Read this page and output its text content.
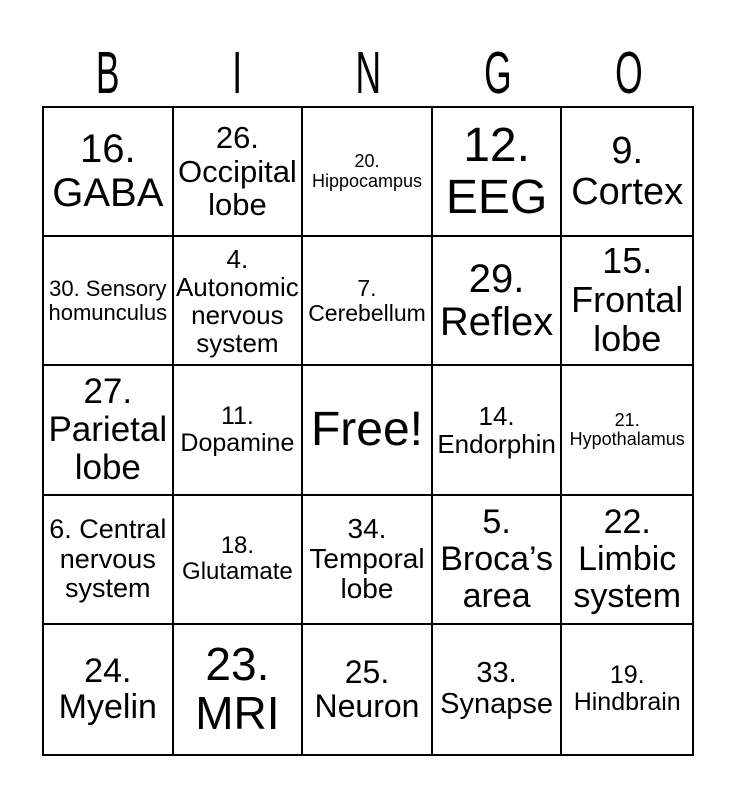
B	I	N	G	O
16. GABA
26. Occipital lobe
20. Hippocampus
12. EEG
9. Cortex
30. Sensory homunculus
4. Autonomic nervous system
7. Cerebellum
29. Reflex
15. Frontal lobe
27. Parietal lobe
11. Dopamine Free!	14. Endorphin
21. Hypothalamus
6. Central nervous system
18. Glutamate
34. Temporal lobe
5. Broca’s area
22. Limbic system
24. Myelin
23. MRI
25. Neuron
33. Synapse
19. Hindbrain
